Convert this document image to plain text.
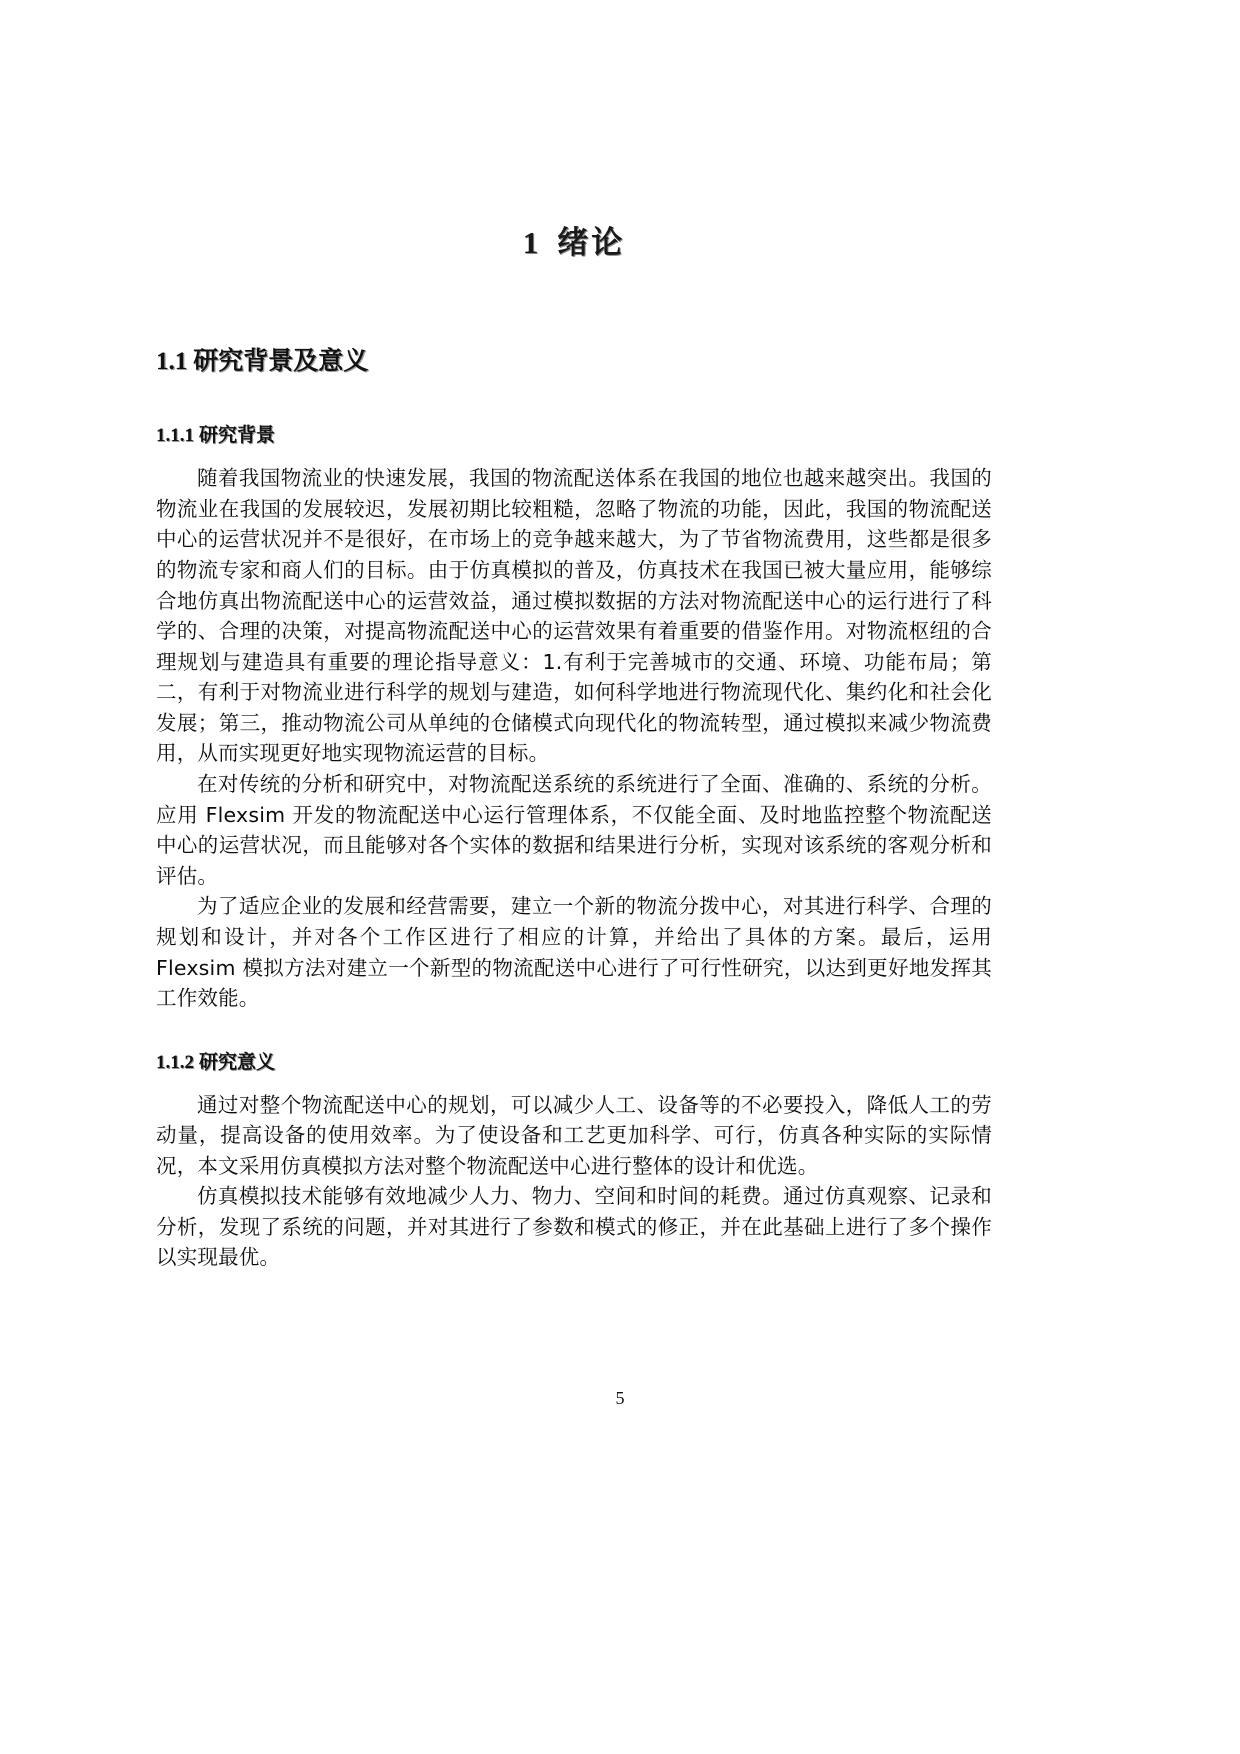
1 绪论
1.1 研究背景及意义
1.1.1 研究背景

随着我国物流业的快速发展，我国的物流配送体系在我国的地位也越来越突出。我国的物流业在我国的发展较迟，发展初期比较粗糙，忽略了物流的功能，因此，我国的物流配送中心的运营状况并不是很好，在市场上的竞争越来越大，为了节省物流费用，这些都是很多的物流专家和商人们的目标。由于仿真模拟的普及，仿真技术在我国已被大量应用，能够综合地仿真出物流配送中心的运营效益，通过模拟数据的方法对物流配送中心的运行进行了科学的、合理的决策，对提高物流配送中心的运营效果有着重要的借鉴作用。对物流枢纽的合理规划与建造具有重要的理论指导意义：1.有利于完善城市的交通、环境、功能布局；第二，有利于对物流业进行科学的规划与建造，如何科学地进行物流现代化、集约化和社会化发展；第三，推动物流公司从单纯的仓储模式向现代化的物流转型，通过模拟来减少物流费用，从而实现更好地实现物流运营的目标。

在对传统的分析和研究中，对物流配送系统的系统进行了全面、准确的、系统的分析。应用 Flexsim 开发的物流配送中心运行管理体系，不仅能全面、及时地监控整个物流配送中心的运营状况，而且能够对各个实体的数据和结果进行分析，实现对该系统的客观分析和评估。

为了适应企业的发展和经营需要，建立一个新的物流分拨中心，对其进行科学、合理的规划和设计，并对各个工作区进行了相应的计算，并给出了具体的方案。最后，运用 Flexsim 模拟方法对建立一个新型的物流配送中心进行了可行性研究，以达到更好地发挥其工作效能。

1.1.2 研究意义

通过对整个物流配送中心的规划，可以减少人工、设备等的不必要投入，降低人工的劳动量，提高设备的使用效率。为了使设备和工艺更加科学、可行，仿真各种实际的实际情况，本文采用仿真模拟方法对整个物流配送中心进行整体的设计和优选。

仿真模拟技术能够有效地减少人力、物力、空间和时间的耗费。通过仿真观察、记录和分析，发现了系统的问题，并对其进行了参数和模式的修正，并在此基础上进行了多个操作以实现最优。

5
